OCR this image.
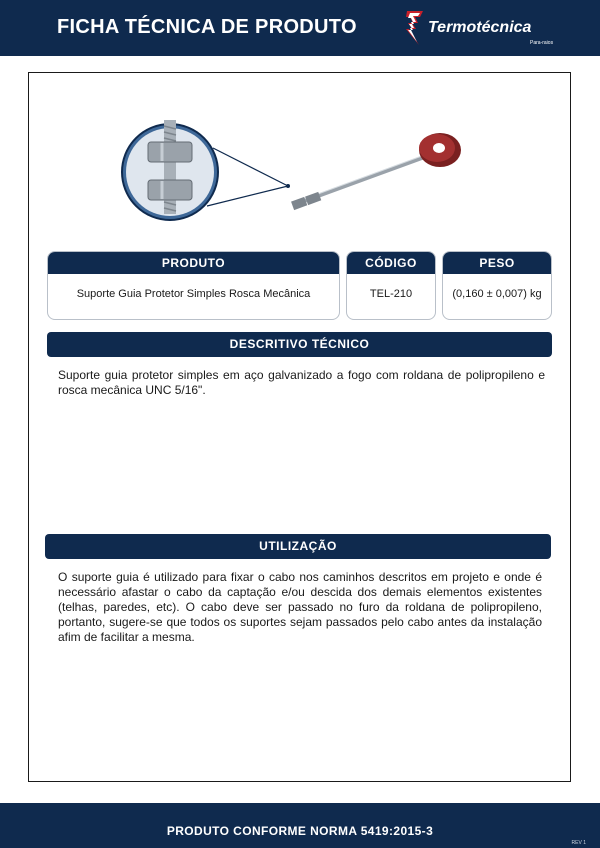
FICHA TÉCNICA DE PRODUTO	Termotécnica
Para-raios
PRODUTO
Suporte Guia Protetor Simples Rosca Mecânica
CÓDIGO
TEL-210
PESO
(0,160 ± 0,007) kg
DESCRITIVO TÉCNICO
Suporte guia protetor simples em aço galvanizado a fogo com roldana de polipropileno e rosca mecânica UNC 5/16".
UTILIZAÇÃO
O suporte guia é utilizado para fixar o cabo nos caminhos descritos em projeto e onde é necessário afastar o cabo da captação e/ou descida dos demais elementos existentes (telhas, paredes, etc). O cabo deve ser passado no furo da roldana de polipropileno, portanto, sugere-se que todos os suportes sejam passados pelo cabo antes da instalação afim de facilitar a mesma.
PRODUTO CONFORME NORMA 5419:2015-3
REV 1
